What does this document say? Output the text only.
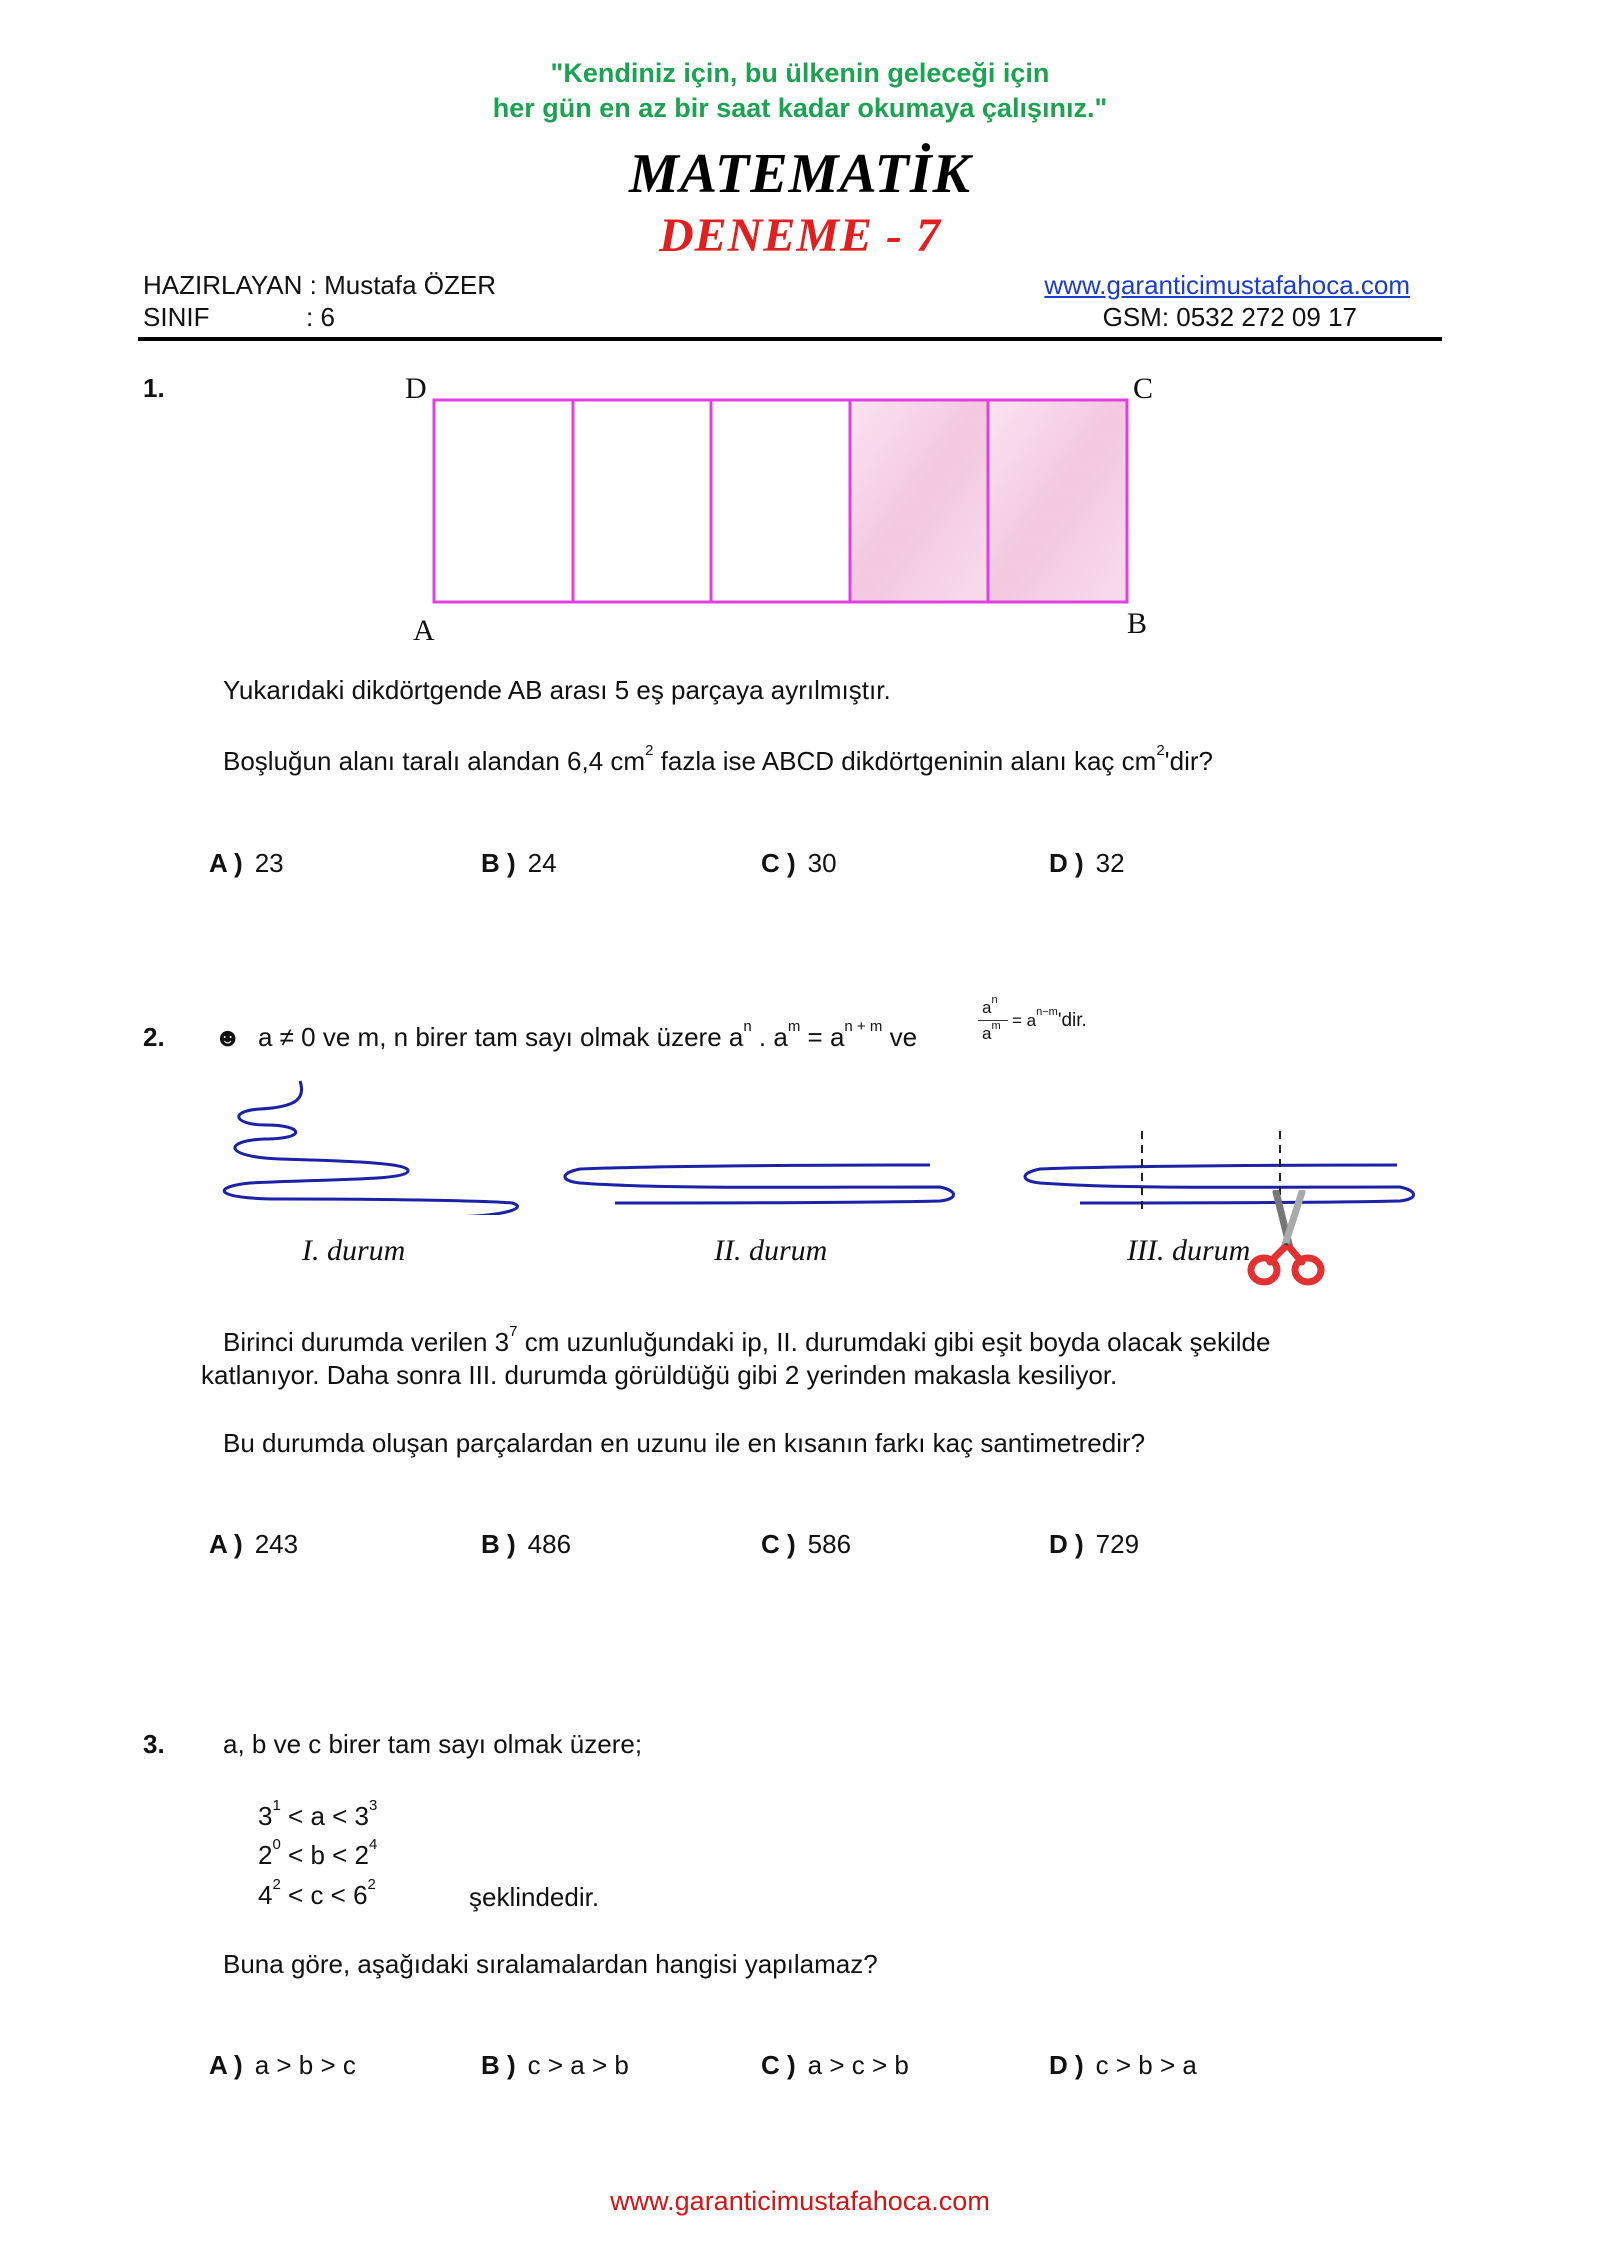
"Kendiniz için, bu ülkenin geleceği için
her gün en az bir saat kadar okumaya çalışınız."
MATEMATİK
DENEME - 7
HAZIRLAYAN : Mustafa ÖZER
SINIF	: 6
www.garanticimustafahoca.com
GSM: 0532 272 09 17
1.	D	C
A	B
Yukarıdaki dikdörtgende AB arası 5 eş parçaya ayrılmıştır.
Boşluğun alanı taralı alandan 6,4 $cm^2$ fazla ise ABCD dikdörtgeninin alanı kaç $cm^2'dir$?
A ) 23	B ) 24	C ) 30	D ) 32
2. ☻ a ≠ 0 ve m, n birer tam sayı olmak üzere $a^n$ . $a^m = a^{n + m}$ ve
$a^n$
$a^m = a^{n-m}'dir$.
I. durum	II. durum	III. durum
Birinci durumda verilen $3^7$ cm uzunluğundaki ip, II. durumdaki gibi eşit boyda olacak şekilde
katlanıyor. Daha sonra III. durumda görüldüğü gibi 2 yerinden makasla kesiliyor.
Bu durumda oluşan parçalardan en uzunu ile en kısanın farkı kaç santimetredir?
A ) 243	B ) 486	C ) 586	D ) 729
3. a, b ve c birer tam sayı olmak üzere;
$3^1 < a < 3^3$
$2^0 < b < 2^4$
$4^2 < c < 6^2$	şeklindedir.
Buna göre, aşağıdaki sıralamalardan hangisi yapılamaz?
A ) a > b > c	B ) c > a > b	C ) a > c > b	D ) c > b > a
www.garanticimustafahoca.com
